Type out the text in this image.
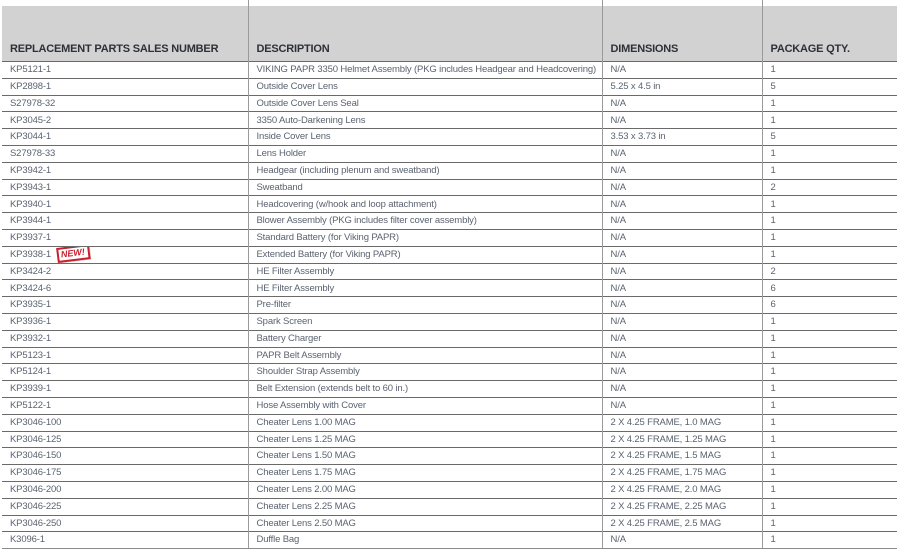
REPLACEMENT PARTS SALES NUMBER	DESCRIPTION	DIMENSIONS	PACKAGE QTY.
KP5121-1	VIKING PAPR 3350 Helmet Assembly (PKG includes Headgear and Headcovering)	N/A	1
KP2898-1	Outside Cover Lens	5.25 x 4.5 in	5
S27978-32	Outside Cover Lens Seal	N/A	1
KP3045-2	3350 Auto-Darkening Lens	N/A	1
KP3044-1	Inside Cover Lens	3.53 x 3.73 in	5
S27978-33	Lens Holder	N/A	1
KP3942-1	Headgear (including plenum and sweatband)	N/A	1
KP3943-1	Sweatband	N/A	2
KP3940-1	Headcovering (w/hook and loop attachment)	N/A	1
KP3944-1	Blower Assembly (PKG includes filter cover assembly)	N/A	1
KP3937-1	Standard Battery (for Viking PAPR)	N/A	1
KP3938-1 NEW!	Extended Battery (for Viking PAPR)	N/A	1
KP3424-2	HE Filter Assembly	N/A	2
KP3424-6	HE Filter Assembly	N/A	6
KP3935-1	Pre-filter	N/A	6
KP3936-1	Spark Screen	N/A	1
KP3932-1	Battery Charger	N/A	1
KP5123-1	PAPR Belt Assembly	N/A	1
KP5124-1	Shoulder Strap Assembly	N/A	1
KP3939-1	Belt Extension (extends belt to 60 in.)	N/A	1
KP5122-1	Hose Assembly with Cover	N/A	1
KP3046-100	Cheater Lens 1.00 MAG	2 X 4.25 FRAME, 1.0 MAG	1
KP3046-125	Cheater Lens 1.25 MAG	2 X 4.25 FRAME, 1.25 MAG	1
KP3046-150	Cheater Lens 1.50 MAG	2 X 4.25 FRAME, 1.5 MAG	1
KP3046-175	Cheater Lens 1.75 MAG	2 X 4.25 FRAME, 1.75 MAG	1
KP3046-200	Cheater Lens 2.00 MAG	2 X 4.25 FRAME, 2.0 MAG	1
KP3046-225	Cheater Lens 2.25 MAG	2 X 4.25 FRAME, 2.25 MAG	1
KP3046-250	Cheater Lens 2.50 MAG	2 X 4.25 FRAME, 2.5 MAG	1
K3096-1	Duffle Bag	N/A	1
